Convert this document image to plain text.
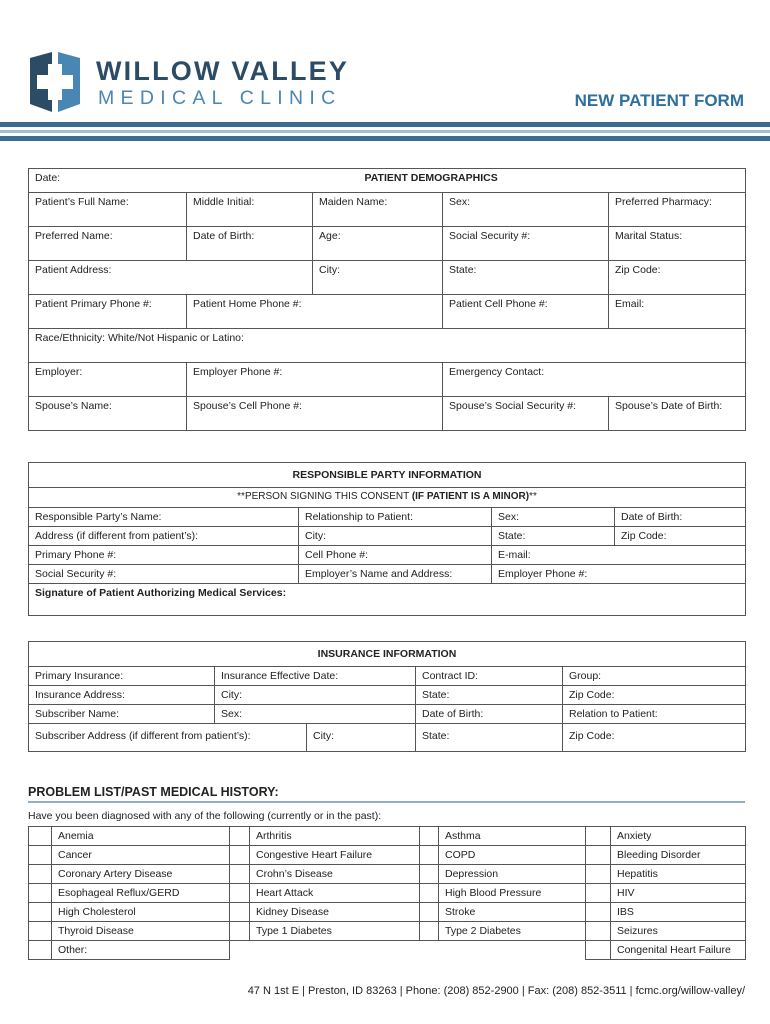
WILLOW VALLEY
MEDICAL CLINIC	NEW PATIENT FORM
Date:		PATIENT DEMOGRAPHICS		
Patient’s Full Name:	Middle Initial:	Maiden Name:	Sex:	Preferred Pharmacy:
Preferred Name:	Date of Birth:	Age:	Social Security #:	Marital Status:
Patient Address:		City:	State:	Zip Code:
Patient Primary Phone #:	Patient Home Phone #:		Patient Cell Phone #:	Email:
Race/Ethnicity: White/Not Hispanic or Latino:				
Employer:	Employer Phone #:		Emergency Contact:	
Spouse’s Name:	Spouse’s Cell Phone #:		Spouse’s Social Security #:	Spouse’s Date of Birth:
RESPONSIBLE PARTY INFORMATION			
**PERSON SIGNING THIS CONSENT (IF PATIENT IS A MINOR)**			
Responsible Party’s Name:	Relationship to Patient:	Sex:	Date of Birth:
Address (if different from patient’s):	City:	State:	Zip Code:
Primary Phone #:	Cell Phone #:	E-mail:	
Social Security #:	Employer’s Name and Address:	Employer Phone #:	
Signature of Patient Authorizing Medical Services:			
INSURANCE INFORMATION				
Primary Insurance:	Insurance Effective Date:		Contract ID:	Group:
Insurance Address:	City:		State:	Zip Code:
Subscriber Name:	Sex:		Date of Birth:	Relation to Patient:
Subscriber Address (if different from patient’s):		City:	State:	Zip Code:
PROBLEM LIST/PAST MEDICAL HISTORY:
Have you been diagnosed with any of the following (currently or in the past):
	Anemia		Arthritis		Asthma		Anxiety
	Cancer		Congestive Heart Failure		COPD		Bleeding Disorder
	Coronary Artery Disease		Crohn’s Disease		Depression		Hepatitis
	Esophageal Reflux/GERD		Heart Attack		High Blood Pressure		HIV
	High Cholesterol		Kidney Disease		Stroke		IBS
	Thyroid Disease		Type 1 Diabetes		Type 2 Diabetes		Seizures
	Other:						Congenital Heart Failure
47 N 1st E | Preston, ID 83263 | Phone: (208) 852-2900 | Fax: (208) 852-3511 | fcmc.org/willow-valley/
